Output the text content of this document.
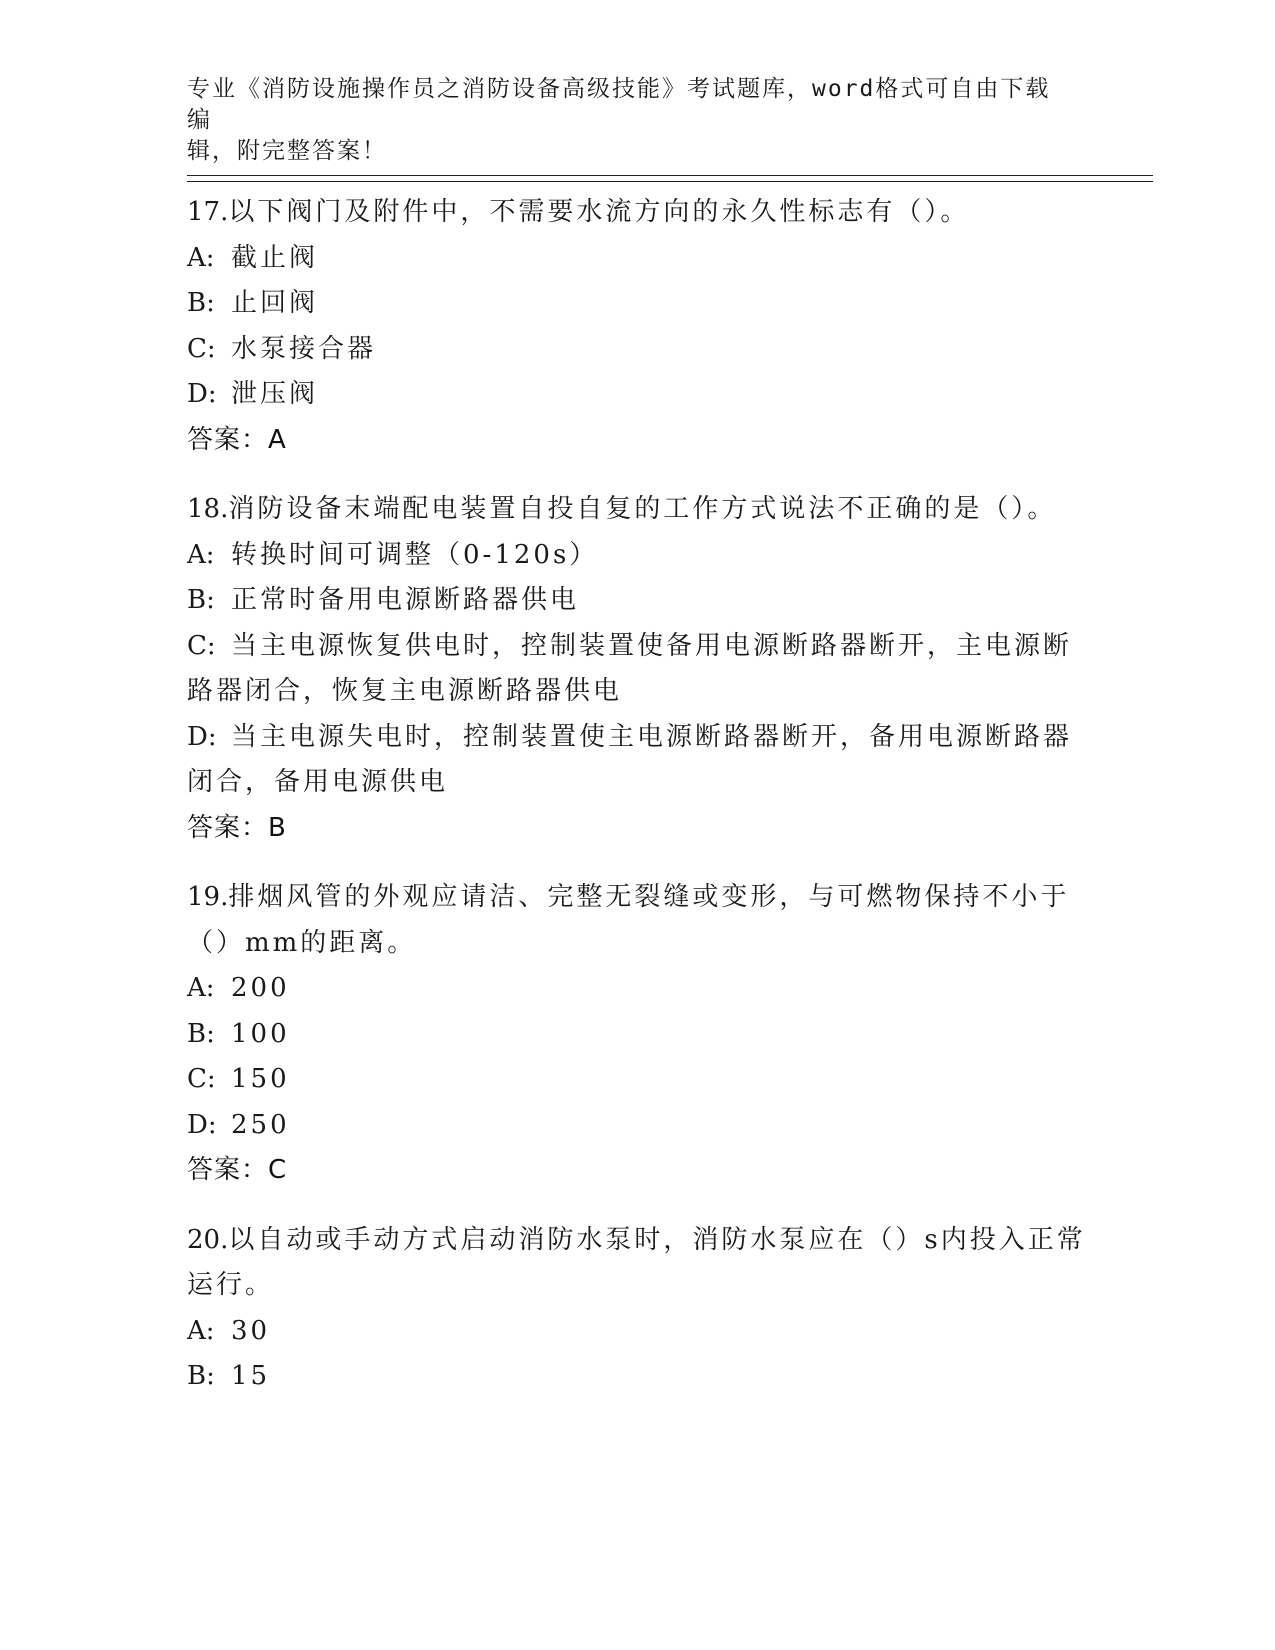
专业《消防设施操作员之消防设备高级技能》考试题库，word格式可自由下载编
辑，附完整答案！
17.以下阀门及附件中，不需要水流方向的永久性标志有（）。
A: 截止阀
B: 止回阀
C: 水泵接合器
D: 泄压阀
答案：A
18.消防设备末端配电装置自投自复的工作方式说法不正确的是（）。
A: 转换时间可调整（0-120s）
B: 正常时备用电源断路器供电
C: 当主电源恢复供电时，控制装置使备用电源断路器断开，主电源断路器闭合，恢复主电源断路器供电
D: 当主电源失电时，控制装置使主电源断路器断开，备用电源断路器闭合，备用电源供电
答案：B
19.排烟风管的外观应请洁、完整无裂缝或变形，与可燃物保持不小于（）mm的距离。
A: 200
B: 100
C: 150
D: 250
答案：C
20.以自动或手动方式启动消防水泵时，消防水泵应在（）s内投入正常运行。
A: 30
B: 15
